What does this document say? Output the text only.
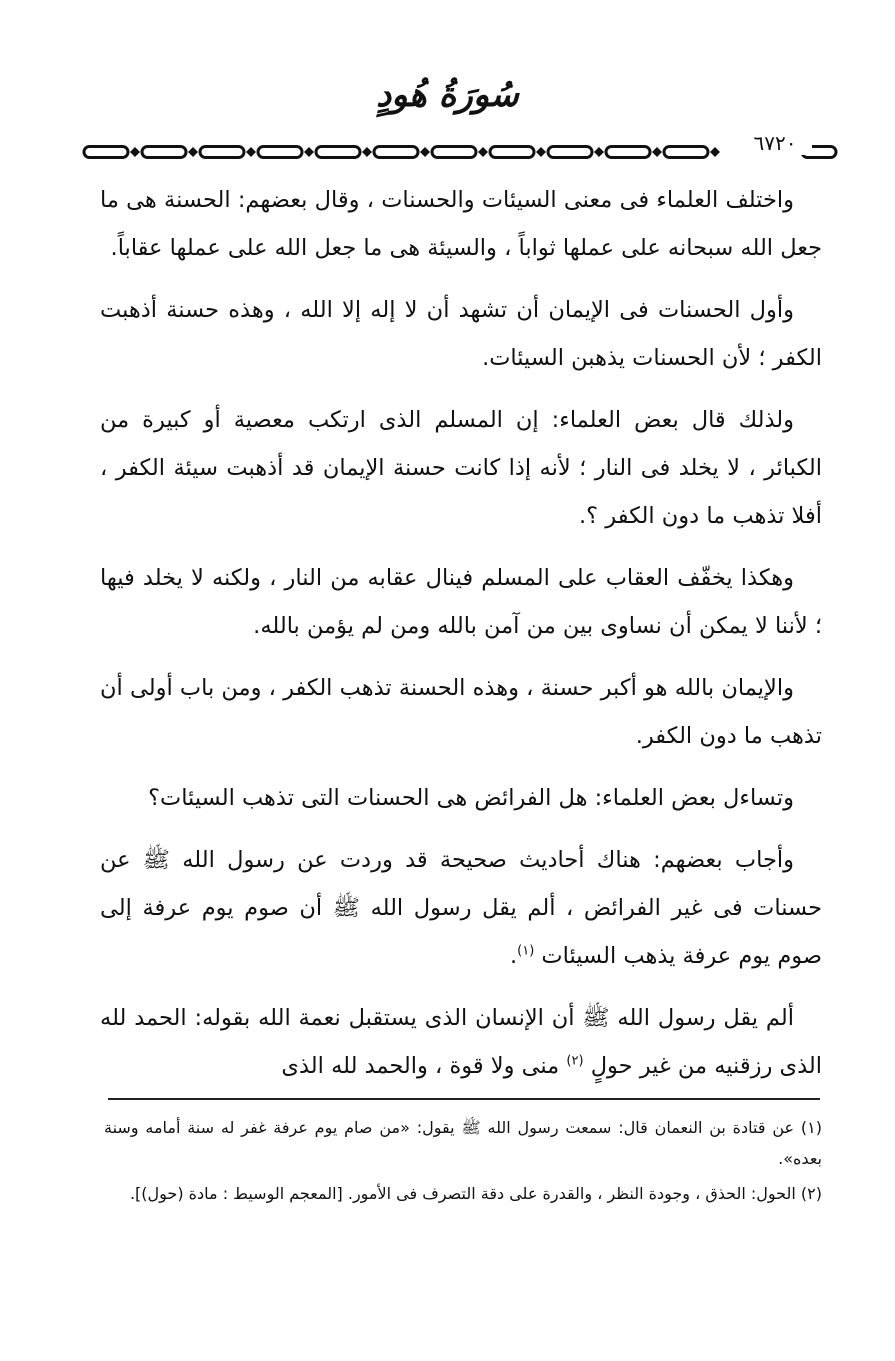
سُورَةُ هُودٍ
٦٧٢٠

واختلف العلماء فى معنى السيئات والحسنات ، وقال بعضهم: الحسنة هى ما جعل الله سبحانه على عملها ثواباً ، والسيئة هى ما جعل الله على عملها عقاباً.

وأول الحسنات فى الإيمان أن تشهد أن لا إله إلا الله ، وهذه حسنة أذهبت الكفر ؛ لأن الحسنات يذهبن السيئات.

ولذلك قال بعض العلماء: إن المسلم الذى ارتكب معصية أو كبيرة من الكبائر ، لا يخلد فى النار ؛ لأنه إذا كانت حسنة الإيمان قد أذهبت سيئة الكفر ، أفلا تذهب ما دون الكفر ؟.

وهكذا يخفّف العقاب على المسلم فينال عقابه من النار ، ولكنه لا يخلد فيها ؛ لأننا لا يمكن أن نساوى بين من آمن بالله ومن لم يؤمن بالله.

والإيمان بالله هو أكبر حسنة ، وهذه الحسنة تذهب الكفر ، ومن باب أولى أن تذهب ما دون الكفر.

وتساءل بعض العلماء: هل الفرائض هى الحسنات التى تذهب السيئات؟

وأجاب بعضهم: هناك أحاديث صحيحة قد وردت عن رسول الله ﷺ عن حسنات فى غير الفرائض ، ألم يقل رسول الله ﷺ أن صوم يوم عرفة إلى صوم يوم عرفة يذهب السيئات $^{(١)}$.

ألم يقل رسول الله ﷺ أن الإنسان الذى يستقبل نعمة الله بقوله: الحمد لله الذى رزقنيه من غير حولٍ $^{(٢)}$ منى ولا قوة ، والحمد لله الذى

(١) عن قتادة بن النعمان قال: سمعت رسول الله ﷺ يقول: «من صام يوم عرفة غفر له سنة أمامه وسنة بعده».

(٢) الحول: الحذق ، وجودة النظر ، والقدرة على دقة التصرف فى الأمور. [المعجم الوسيط : مادة (حول)].
